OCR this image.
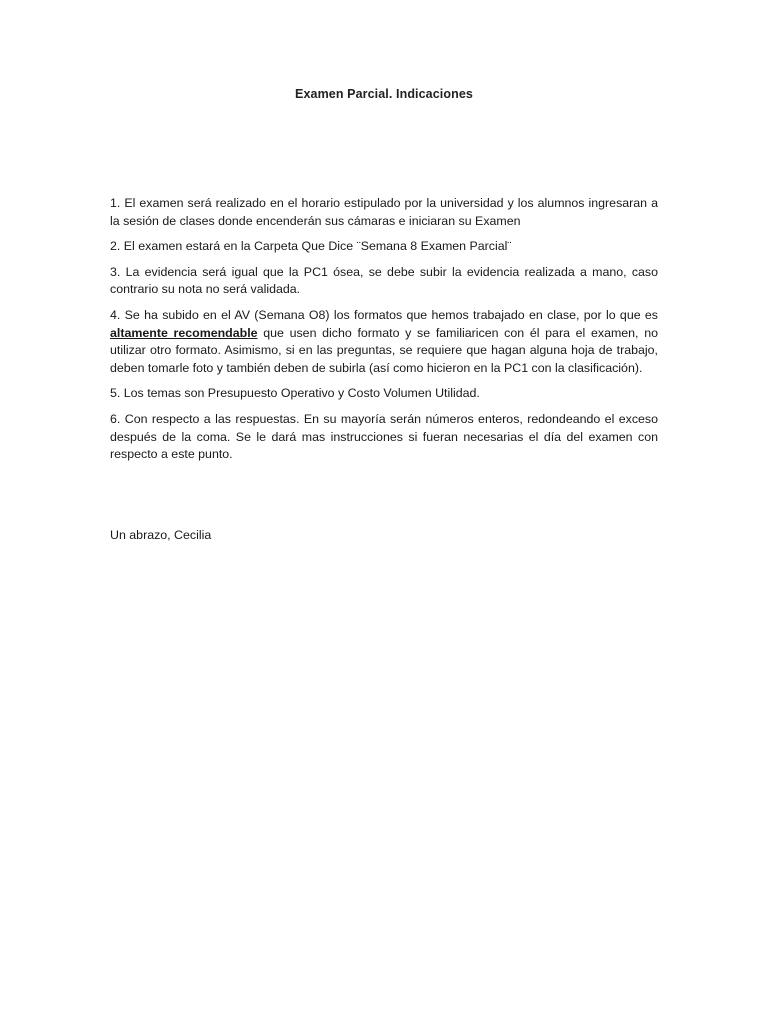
Examen Parcial. Indicaciones

1. El examen será realizado en el horario estipulado por la universidad y los alumnos ingresaran a la sesión de clases donde encenderán sus cámaras e iniciaran su Examen

2. El examen estará en la Carpeta Que Dice ¨Semana 8 Examen Parcial¨

3. La evidencia será igual que la PC1 ósea, se debe subir la evidencia realizada a mano, caso contrario su nota no será validada.

4. Se ha subido en el AV (Semana O8) los formatos que hemos trabajado en clase, por lo que es altamente recomendable que usen dicho formato y se familiaricen con él para el examen, no utilizar otro formato. Asimismo, si en las preguntas, se requiere que hagan alguna hoja de trabajo, deben tomarle foto y también deben de subirla (así como hicieron en la PC1 con la clasificación).

5. Los temas son Presupuesto Operativo y Costo Volumen Utilidad.

6. Con respecto a las respuestas. En su mayoría serán números enteros, redondeando el exceso después de la coma. Se le dará mas instrucciones si fueran necesarias el día del examen con respecto a este punto.

Un abrazo, Cecilia
